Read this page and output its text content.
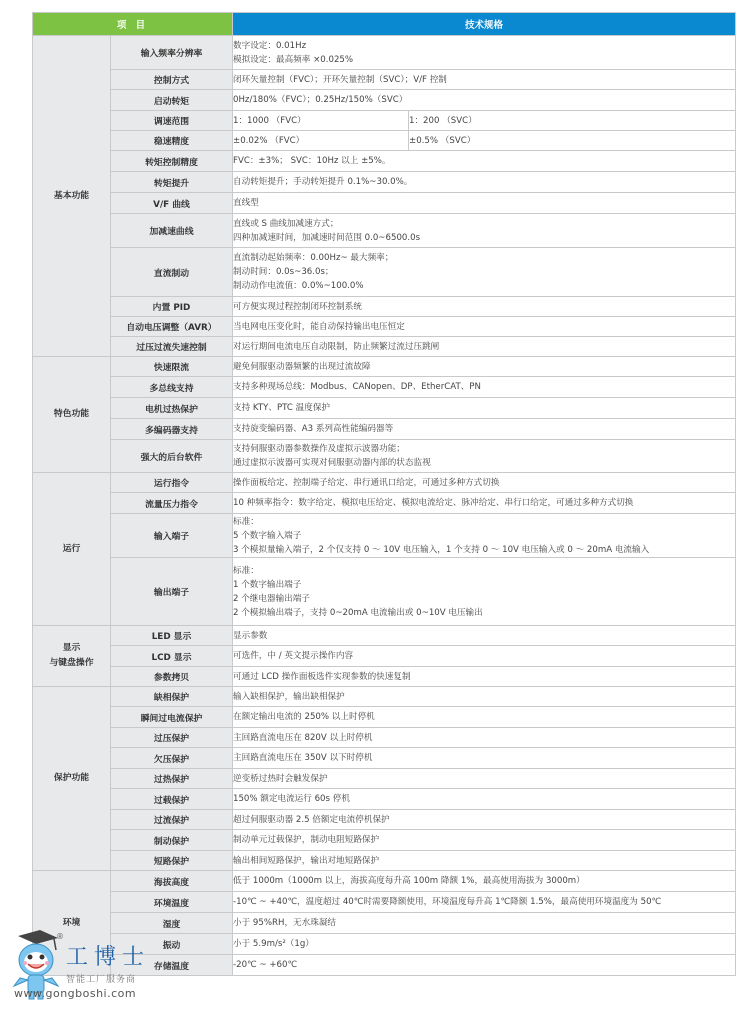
项 目		技术规格	

基本功能	输入频率分辨率	数字设定：0.01Hz
模拟设定：最高频率 ×0.025%	

	控制方式	闭环矢量控制（FVC）；开环矢量控制（SVC）；V/F 控制	

	启动转矩	0Hz/180%（FVC）；0.25Hz/150%（SVC）	

	调速范围	1：1000 （FVC）	1：200 （SVC）
	稳速精度	±0.02% （FVC）	±0.5% （SVC）
	转矩控制精度	FVC：±3%； SVC：10Hz 以上 ±5%。	

	转矩提升	自动转矩提升；手动转矩提升 0.1%~30.0%。	

	V/F 曲线	直线型	

	加减速曲线	直线或 S 曲线加减速方式；
四种加减速时间，加减速时间范围 0.0~6500.0s	

	直流制动	直流制动起始频率：0.00Hz~ 最大频率；
制动时间：0.0s~36.0s；
制动动作电流值：0.0%~100.0%	

	内置 PID	可方便实现过程控制闭环控制系统	

	自动电压调整（AVR）	当电网电压变化时，能自动保持输出电压恒定	

	过压过流失速控制	对运行期间电流电压自动限制，防止频繁过流过压跳闸	

特色功能	快速限流	避免伺服驱动器频繁的出现过流故障	

	多总线支持	支持多种现场总线：Modbus、CANopen、DP、EtherCAT、PN	

	电机过热保护	支持 KTY、PTC 温度保护	

	多编码器支持	支持旋变编码器、A3 系列高性能编码器等	

	强大的后台软件	支持伺服驱动器参数操作及虚拟示波器功能；
通过虚拟示波器可实现对伺服驱动器内部的状态监视	

运行	运行指令	操作面板给定、控制端子给定、串行通讯口给定，可通过多种方式切换	

	流量压力指令	10 种频率指令：数字给定、模拟电压给定、模拟电流给定、脉冲给定、串行口给定，可通过多种方式切换	

	输入端子	标准：
5 个数字输入端子
3 个模拟量输入端子，2 个仅支持 0 ～ 10V 电压输入，1 个支持 0 ～ 10V 电压输入或 0 ～ 20mA 电流输入	

	输出端子	标准：
1 个数字输出端子
2 个继电器输出端子
2 个模拟输出端子，支持 0~20mA 电流输出或 0~10V 电压输出	

显示
与键盘操作	LED 显示	显示参数	

	LCD 显示	可选件，中 / 英文提示操作内容	

	参数拷贝	可通过 LCD 操作面板选件实现参数的快速复制	

保护功能	缺相保护	输入缺相保护，输出缺相保护	

	瞬间过电流保护	在额定输出电流的 250% 以上时停机	

	过压保护	主回路直流电压在 820V 以上时停机	

	欠压保护	主回路直流电压在 350V 以下时停机	

	过热保护	逆变桥过热时会触发保护	

	过载保护	150% 额定电流运行 60s 停机	

	过流保护	超过伺服驱动器 2.5 倍额定电流停机保护	

	制动保护	制动单元过载保护，制动电阻短路保护	

	短路保护	输出相间短路保护，输出对地短路保护	

环境	海拔高度	低于 1000m（1000m 以上，海拔高度每升高 100m 降额 1%，最高使用海拔为 3000m）	

	环境温度	-10℃ ~ +40℃，温度超过 40℃时需要降额使用，环境温度每升高 1℃降额 1.5%，最高使用环境温度为 50℃	

	湿度	小于 95%RH，无水珠凝结	

	振动	小于 5.9m/s²（1g）	

	存储温度	-20℃ ~ +60℃	
®
工博士
智能工厂服务商
www.gongboshi.com
